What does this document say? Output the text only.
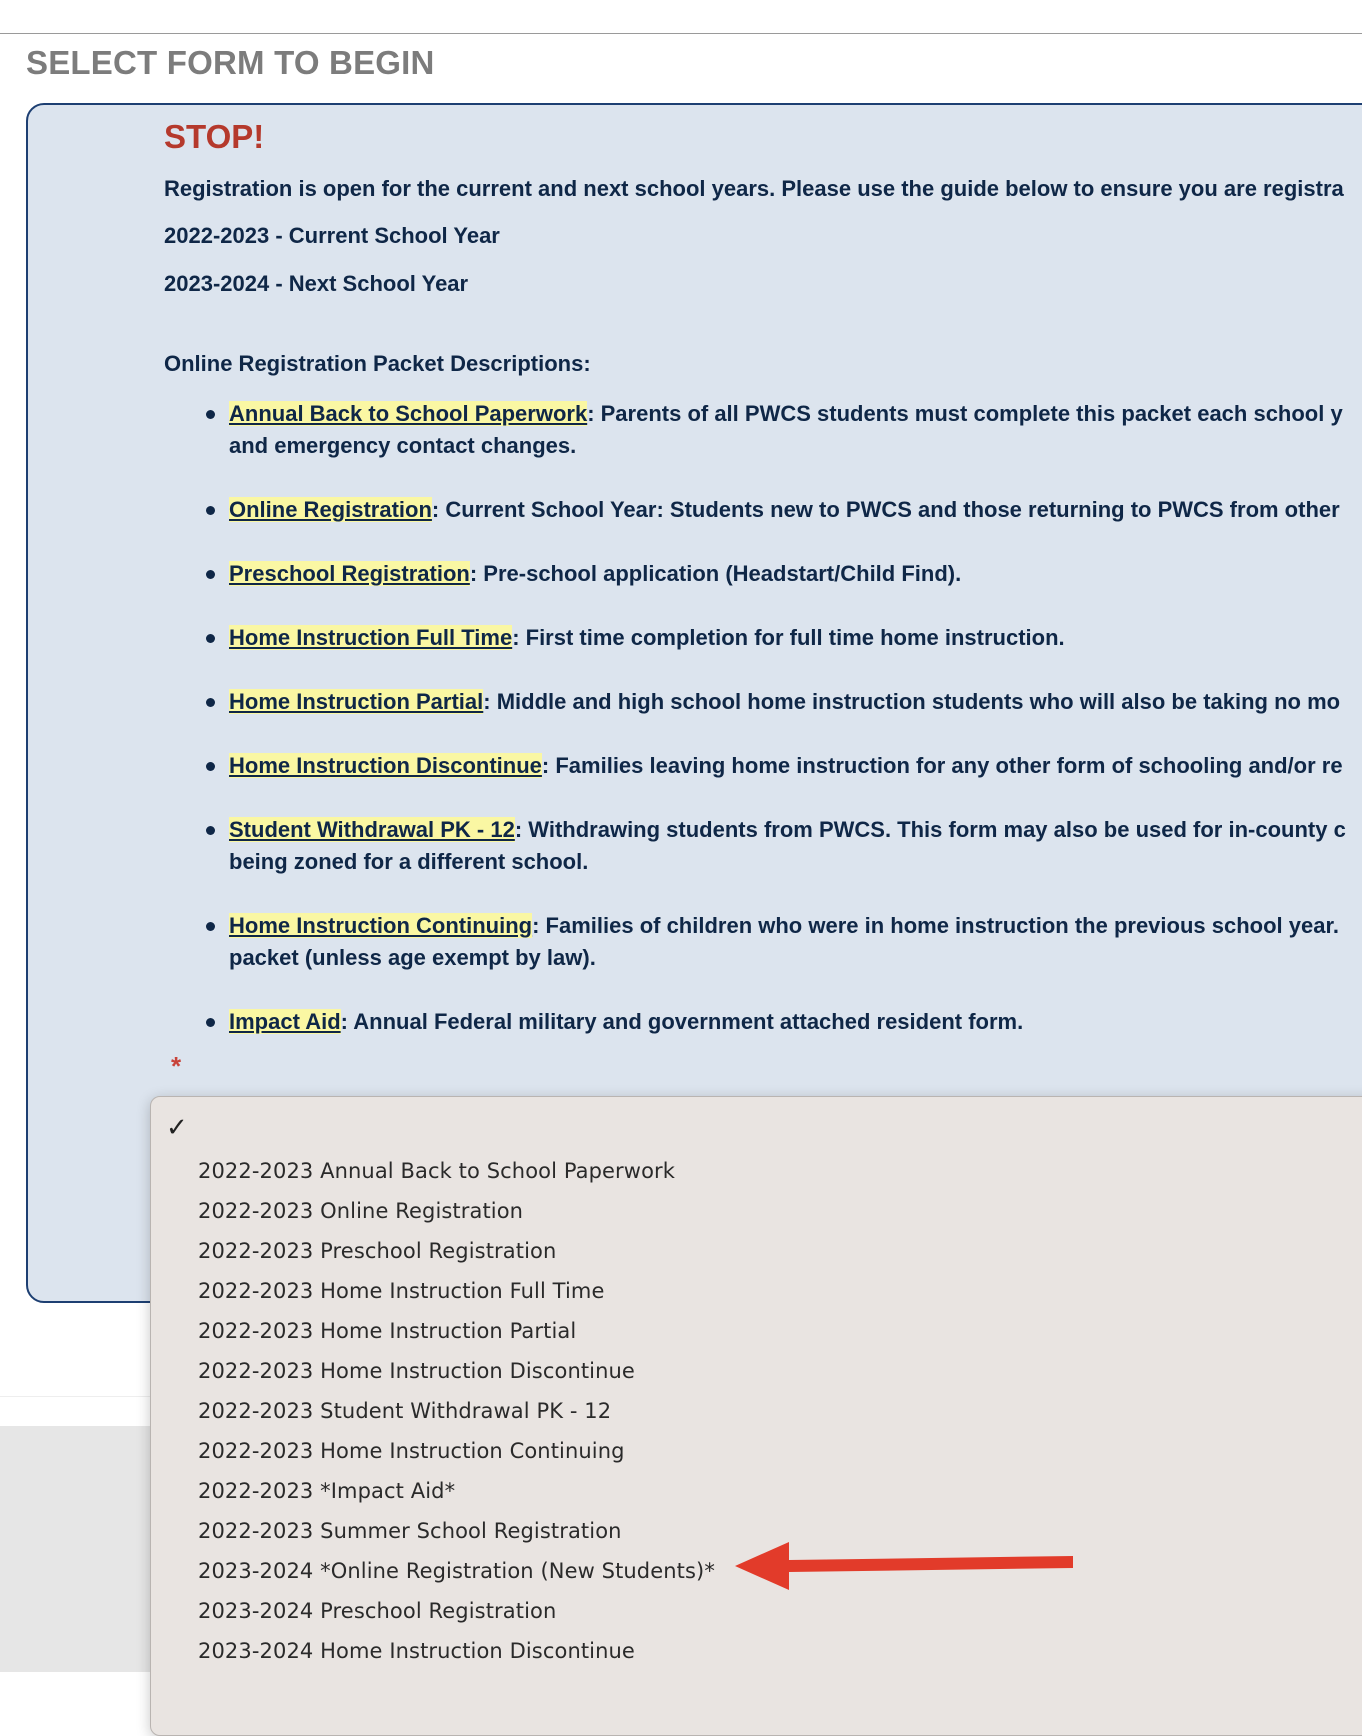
SELECT FORM TO BEGIN
STOP!

Registration is open for the current and next school years. Please use the guide below to ensure you are registra

2022-2023 - Current School Year

2023-2024 - Next School Year

Online Registration Packet Descriptions:

Annual Back to School Paperwork: Parents of all PWCS students must complete this packet each school y

and emergency contact changes.

Online Registration: Current School Year: Students new to PWCS and those returning to PWCS from other

Preschool Registration: Pre-school application (Headstart/Child Find).

Home Instruction Full Time: First time completion for full time home instruction.

Home Instruction Partial: Middle and high school home instruction students who will also be taking no mo

Home Instruction Discontinue: Families leaving home instruction for any other form of schooling and/or re

Student Withdrawal PK - 12: Withdrawing students from PWCS. This form may also be used for in-county c

being zoned for a different school.

Home Instruction Continuing: Families of children who were in home instruction the previous school year.

packet (unless age exempt by law).

Impact Aid: Annual Federal military and government attached resident form.

*
✓

2022-2023 Annual Back to School Paperwork

2022-2023 Online Registration

2022-2023 Preschool Registration

2022-2023 Home Instruction Full Time

2022-2023 Home Instruction Partial

2022-2023 Home Instruction Discontinue

2022-2023 Student Withdrawal PK - 12

2022-2023 Home Instruction Continuing

2022-2023 *Impact Aid*

2022-2023 Summer School Registration

2023-2024 *Online Registration (New Students)*

2023-2024 Preschool Registration

2023-2024 Home Instruction Discontinue
